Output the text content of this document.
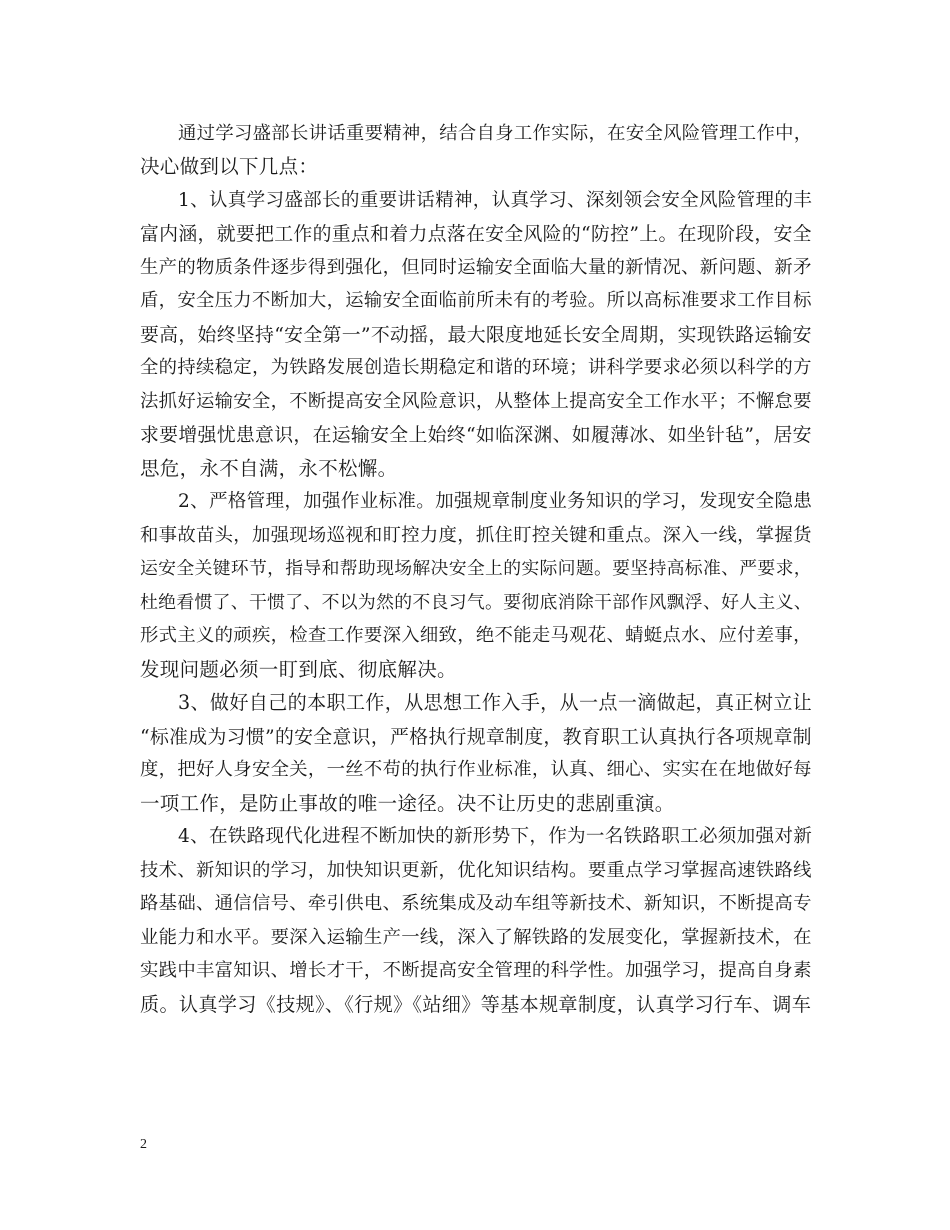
通过学习盛部长讲话重要精神，结合自身工作实际，在安全风险管理工作中，
决心做到以下几点：
1、认真学习盛部长的重要讲话精神，认真学习、深刻领会安全风险管理的丰
富内涵，就要把工作的重点和着力点落在安全风险的“防控”上。在现阶段，安全
生产的物质条件逐步得到强化，但同时运输安全面临大量的新情况、新问题、新矛
盾，安全压力不断加大，运输安全面临前所未有的考验。所以高标准要求工作目标
要高，始终坚持“安全第一”不动摇，最大限度地延长安全周期，实现铁路运输安
全的持续稳定，为铁路发展创造长期稳定和谐的环境；讲科学要求必须以科学的方
法抓好运输安全，不断提高安全风险意识，从整体上提高安全工作水平；不懈怠要
求要增强忧患意识，在运输安全上始终“如临深渊、如履薄冰、如坐针毡”，居安
思危，永不自满，永不松懈。
2、严格管理，加强作业标准。加强规章制度业务知识的学习，发现安全隐患
和事故苗头，加强现场巡视和盯控力度，抓住盯控关键和重点。深入一线，掌握货
运安全关键环节，指导和帮助现场解决安全上的实际问题。要坚持高标准、严要求，
杜绝看惯了、干惯了、不以为然的不良习气。要彻底消除干部作风飘浮、好人主义、
形式主义的顽疾，检查工作要深入细致，绝不能走马观花、蜻蜓点水、应付差事，
发现问题必须一盯到底、彻底解决。
3、做好自己的本职工作，从思想工作入手，从一点一滴做起，真正树立让
“标准成为习惯”的安全意识，严格执行规章制度，教育职工认真执行各项规章制
度，把好人身安全关，一丝不苟的执行作业标准，认真、细心、实实在在地做好每
一项工作，是防止事故的唯一途径。决不让历史的悲剧重演。
4、在铁路现代化进程不断加快的新形势下，作为一名铁路职工必须加强对新
技术、新知识的学习，加快知识更新，优化知识结构。要重点学习掌握高速铁路线
路基础、通信信号、牵引供电、系统集成及动车组等新技术、新知识，不断提高专
业能力和水平。要深入运输生产一线，深入了解铁路的发展变化，掌握新技术，在
实践中丰富知识、增长才干，不断提高安全管理的科学性。加强学习，提高自身素
质。认真学习《技规》、《行规》《站细》等基本规章制度，认真学习行车、调车
2
